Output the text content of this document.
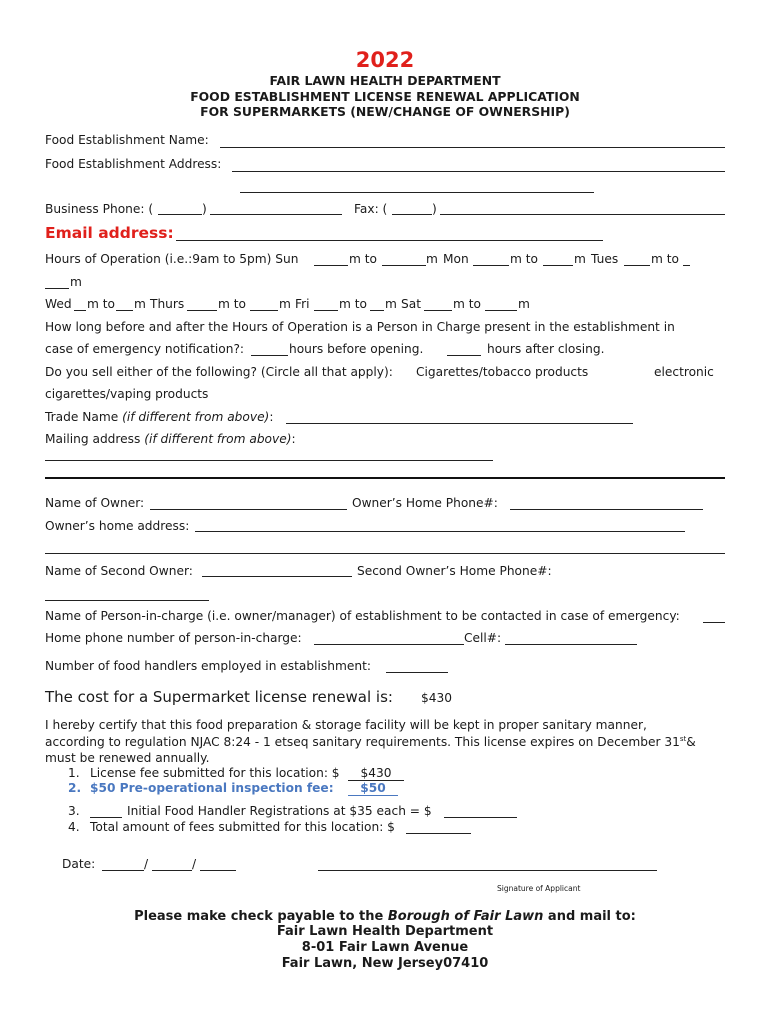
2022
FAIR LAWN HEALTH DEPARTMENT
FOOD ESTABLISHMENT LICENSE RENEWAL APPLICATION
FOR SUPERMARKETS (NEW/CHANGE OF OWNERSHIP)
Food Establishment Name:
Food Establishment Address:
Business Phone: (	)	Fax: (	)
Email address:
Hours of Operation (i.e.:9am to 5pm) Sun	m to	m Mon	m to	m Tues	m to
m
Wed m to m Thurs	m to	m Fri m to m Sat	m to	m
How long before and after the Hours of Operation is a Person in Charge present in the establishment in
case of emergency notification?:	hours before opening.	hours after closing.
Do you sell either of the following? (Circle all that apply): Cigarettes/tobacco products	electronic
cigarettes/vaping products
Trade Name (if different from above):
Mailing address (if different from above):
Name of Owner:	Owner’s Home Phone#:
Owner’s home address:
Name of Second Owner:	Second Owner’s Home Phone#:
Name of Person-in-charge (i.e. owner/manager) of establishment to be contacted in case of emergency:
Home phone number of person-in-charge:	Cell#:
Number of food handlers employed in establishment:
The cost for a Supermarket license renewal is: $430
I hereby certify that this food preparation & storage facility will be kept in proper sanitary manner,
according to regulation NJAC 8:24 - 1 etseq sanitary requirements. This license expires on December 31st&
must be renewed annually.
1. License fee submitted for this location: $	$430
2. $50 Pre-operational inspection fee:	$50
3.	Initial Food Handler Registrations at $35 each = $
4. Total amount of fees submitted for this location: $
Date:	/	/
Signature of Applicant
Please make check payable to the Borough of Fair Lawn and mail to:
Fair Lawn Health Department
8-01 Fair Lawn Avenue
Fair Lawn, New Jersey07410
